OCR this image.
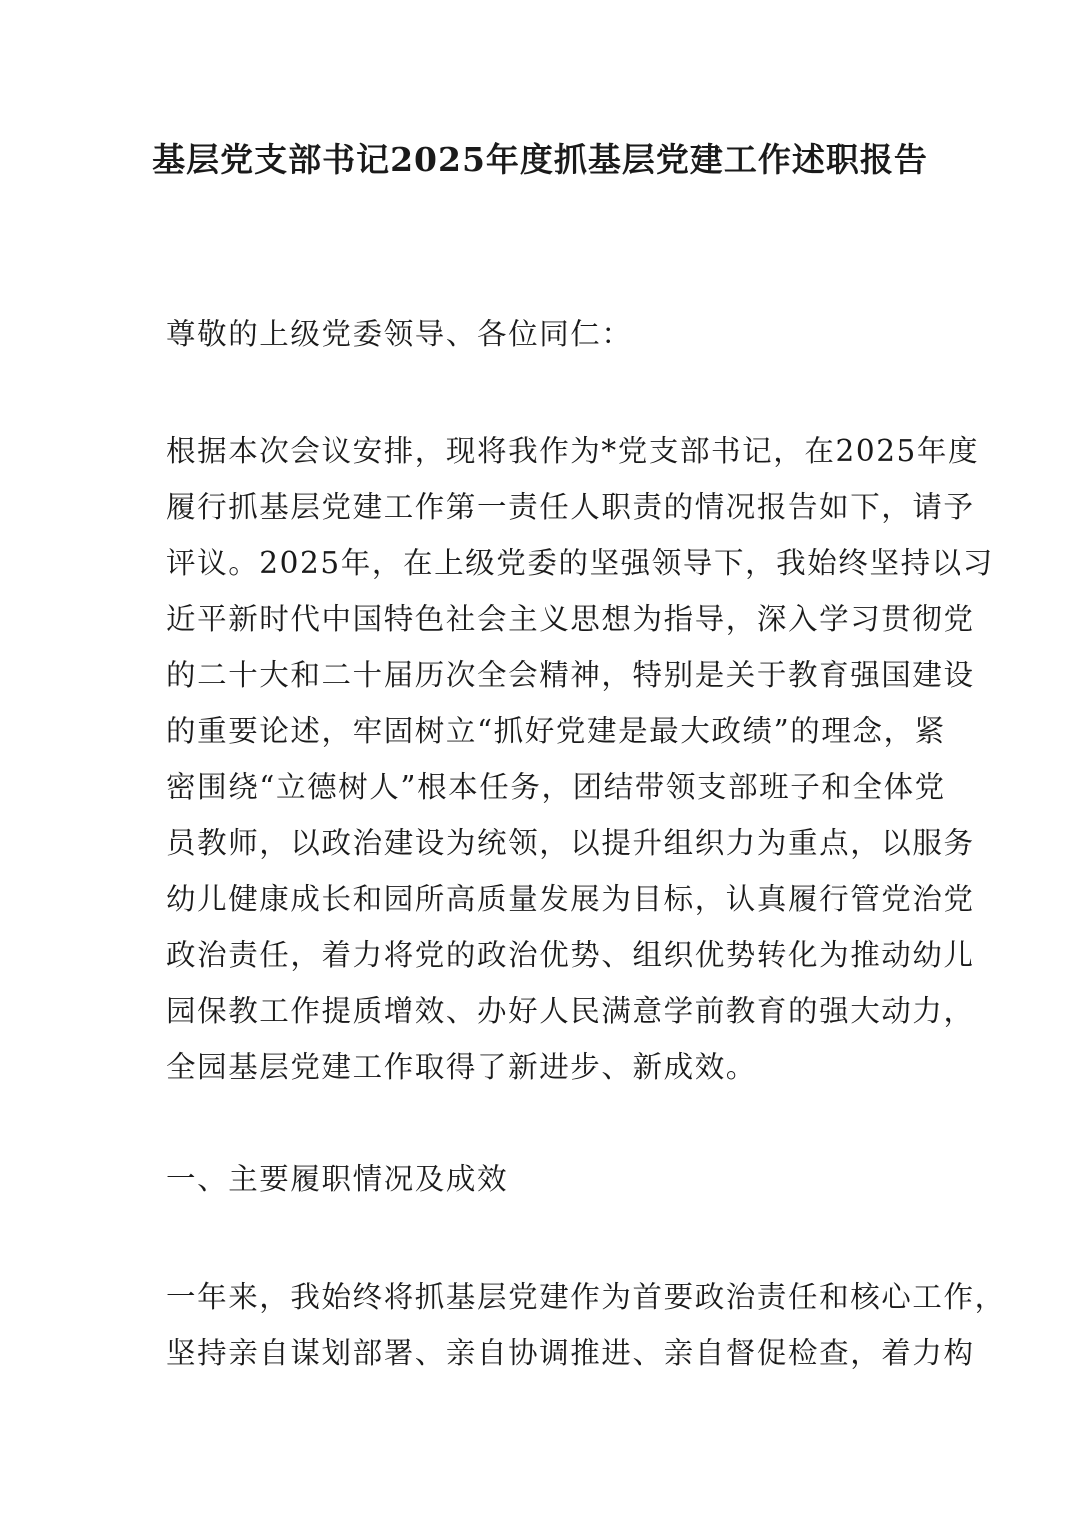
基层党支部书记2025年度抓基层党建工作述职报告
尊敬的上级党委领导、各位同仁：
根据本次会议安排，现将我作为*党支部书记，在2025年度
履行抓基层党建工作第一责任人职责的情况报告如下，请予
评议。2025年，在上级党委的坚强领导下，我始终坚持以习
近平新时代中国特色社会主义思想为指导，深入学习贯彻党
的二十大和二十届历次全会精神，特别是关于教育强国建设
的重要论述，牢固树立“抓好党建是最大政绩”的理念，紧
密围绕“立德树人”根本任务，团结带领支部班子和全体党
员教师，以政治建设为统领，以提升组织力为重点，以服务
幼儿健康成长和园所高质量发展为目标，认真履行管党治党
政治责任，着力将党的政治优势、组织优势转化为推动幼儿
园保教工作提质增效、办好人民满意学前教育的强大动力，
全园基层党建工作取得了新进步、新成效。
一、主要履职情况及成效
一年来，我始终将抓基层党建作为首要政治责任和核心工作，
坚持亲自谋划部署、亲自协调推进、亲自督促检查，着力构
